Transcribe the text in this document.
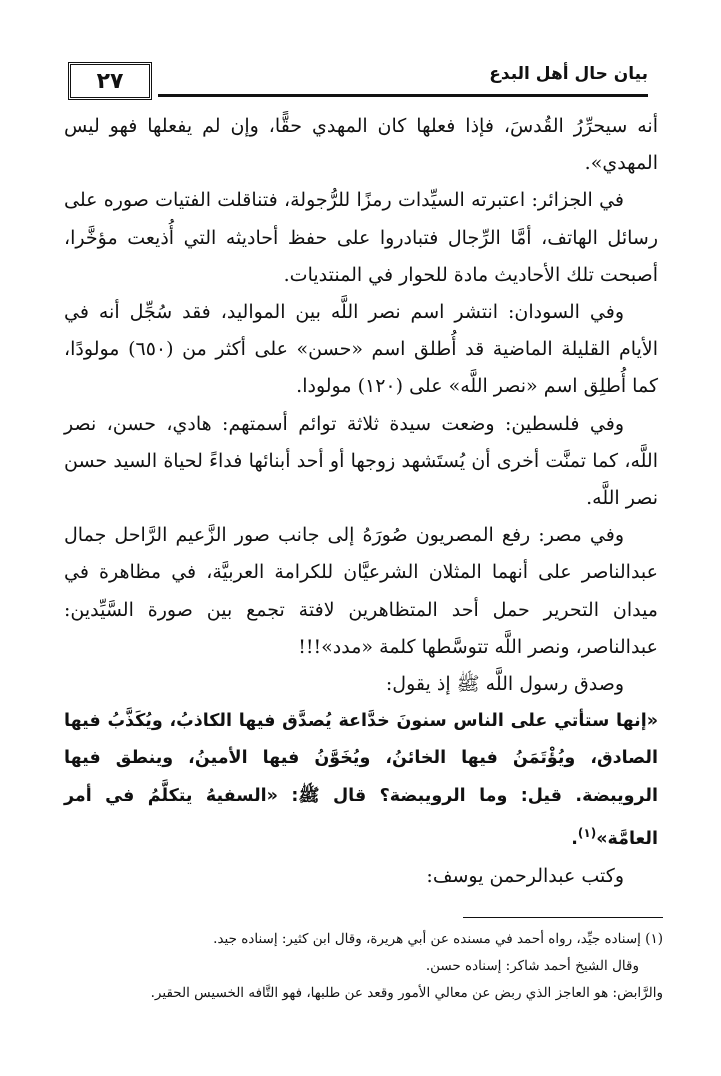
٢٧	بيان حال أهل البدع

أنه سيحرِّرُ القُدسَ، فإذا فعلها كان المهدي حقًّا، وإن لم يفعلها فهو ليس المهدي».

في الجزائر: اعتبرته السيِّدات رمزًا للرُّجولة، فتناقلت الفتيات صوره على رسائل الهاتف، أمَّا الرِّجال فتبادروا على حفظ أحاديثه التي أُذيعت مؤخَّرا، أصبحت تلك الأحاديث مادة للحوار في المنتديات.

وفي السودان: انتشر اسم نصر اللَّه بين المواليد، فقد سُجِّل أنه في الأيام القليلة الماضية قد أُطلق اسم «حسن» على أكثر من (٦٥٠) مولودًا، كما أُطلِق اسم «نصر اللَّه» على (١٢٠) مولودا.

وفي فلسطين: وضعت سيدة ثلاثة توائم أسمتهم: هادي، حسن، نصر اللَّه، كما تمنَّت أخرى أن يُستَشهد زوجها أو أحد أبنائها فداءً لحياة السيد حسن نصر اللَّه.

وفي مصر: رفع المصريون صُورَهُ إلى جانب صور الزَّعيم الرَّاحل جمال عبدالناصر على أنهما المثلان الشرعيَّان للكرامة العربيَّة، في مظاهرة في ميدان التحرير حمل أحد المتظاهرين لافتة تجمع بين صورة السَّيِّدين: عبدالناصر، ونصر اللَّه تتوسَّطها كلمة «مدد»!!!

وصدق رسول اللَّه ﷺ إذ يقول:

«إنها ستأتي على الناس سنونَ خدَّاعة يُصدَّق فيها الكاذبُ، ويُكَذَّبُ فيها الصادق، ويُؤْتَمَنُ فيها الخائنُ، ويُخَوَّنُ فيها الأمينُ، وينطق فيها الرويبضة. قيل: وما الرويبضة؟ قال ﷺ: «السفيهُ يتكلَّمُ في أمر العامَّة»$^{(١)}$.

وكتب عبدالرحمن يوسف:

(١) إسناده جيِّد، رواه أحمد في مسنده عن أبي هريرة، وقال ابن كثير: إسناده جيد.

وقال الشيخ أحمد شاكر: إسناده حسن.

والرَّابض: هو العاجز الذي ربض عن معالي الأمور وقعد عن طلبها، فهو التَّافه الخسيس الحقير.
